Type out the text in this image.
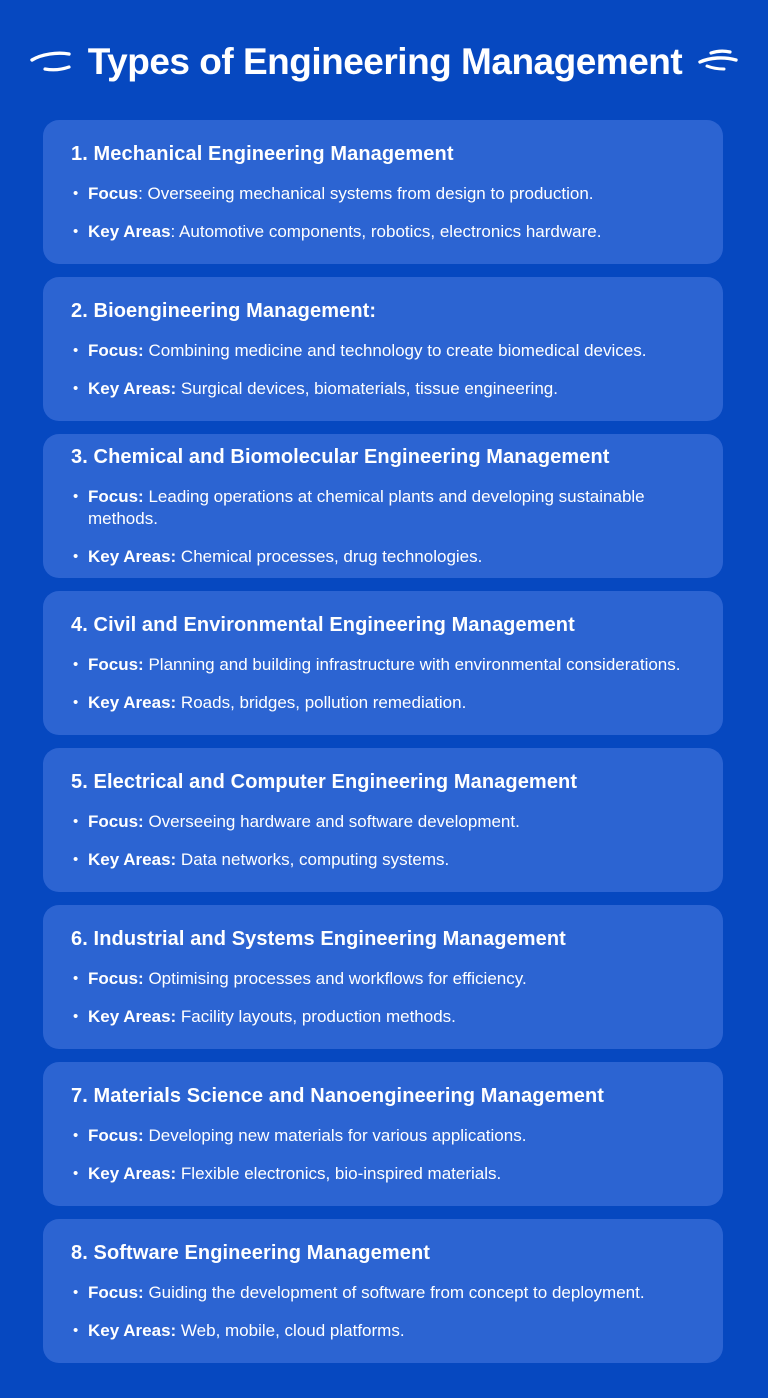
Types of Engineering Management
1. Mechanical Engineering Management
• Focus: Overseeing mechanical systems from design to production.
• Key Areas: Automotive components, robotics, electronics hardware.
2. Bioengineering Management:
• Focus: Combining medicine and technology to create biomedical devices.
• Key Areas: Surgical devices, biomaterials, tissue engineering.
3. Chemical and Biomolecular Engineering Management
• Focus: Leading operations at chemical plants and developing sustainable methods.
• Key Areas: Chemical processes, drug technologies.
4. Civil and Environmental Engineering Management
• Focus: Planning and building infrastructure with environmental considerations.
• Key Areas: Roads, bridges, pollution remediation.
5. Electrical and Computer Engineering Management
• Focus: Overseeing hardware and software development.
• Key Areas: Data networks, computing systems.
6. Industrial and Systems Engineering Management
• Focus: Optimising processes and workflows for efficiency.
• Key Areas: Facility layouts, production methods.
7. Materials Science and Nanoengineering Management
• Focus: Developing new materials for various applications.
• Key Areas: Flexible electronics, bio-inspired materials.
8. Software Engineering Management
• Focus: Guiding the development of software from concept to deployment.
• Key Areas: Web, mobile, cloud platforms.
